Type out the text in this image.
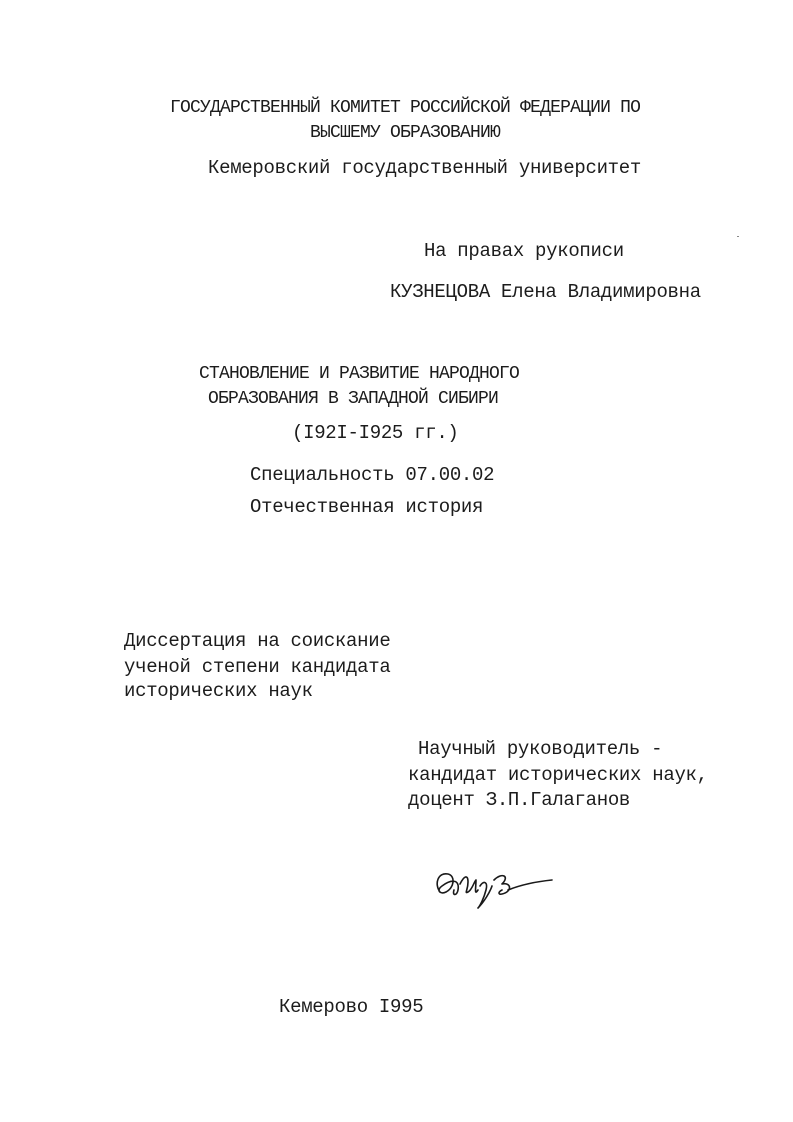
ГОСУДАРСТВЕННЫЙ КОМИТЕТ РОССИЙСКОЙ ФЕДЕРАЦИИ ПО
ВЫСШЕМУ ОБРАЗОВАНИЮ
Кемеровский государственный университет
На правах рукописи
КУЗНЕЦОВА Елена Владимировна
СТАНОВЛЕНИЕ И РАЗВИТИЕ НАРОДНОГО
ОБРАЗОВАНИЯ В ЗАПАДНОЙ СИБИРИ
(I92I-I925 гг.)
Специальность 07.00.02
Отечественная история
Диссертация на соискание
ученой степени кандидата
исторических наук
Научный руководитель -
кандидат исторических наук,
доцент З.П.Галаганов
Кемерово I995
